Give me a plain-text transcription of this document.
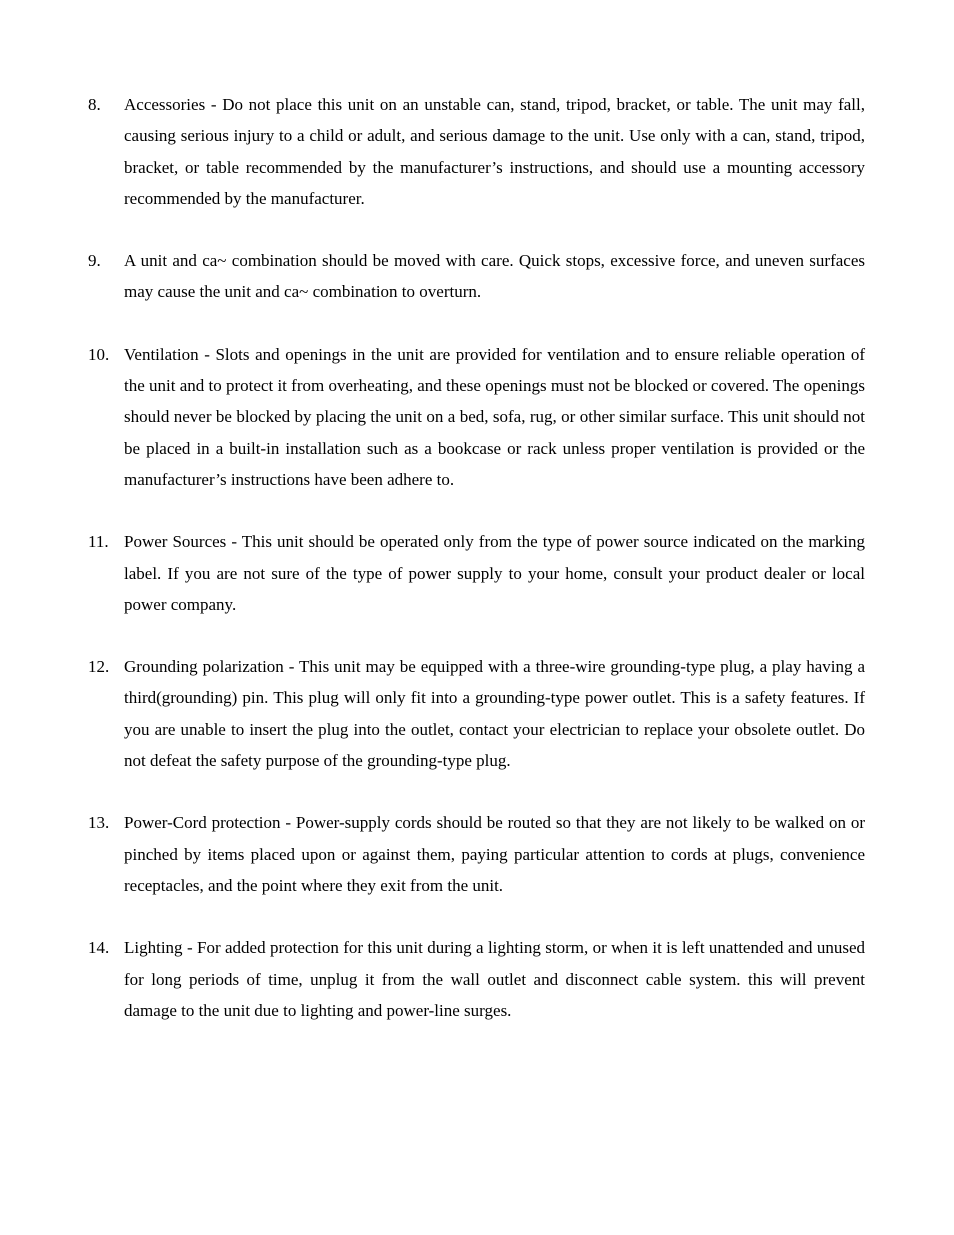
8.	Accessories - Do not place this unit on an unstable can, stand, tripod, bracket, or table. The unit may fall, causing serious injury to a child or adult, and serious damage to the unit. Use only with a can, stand, tripod, bracket, or table recommended by the manufacturer’s instructions, and should use a mounting accessory recommended by the manufacturer.
9.	A unit and ca~ combination should be moved with care. Quick stops, excessive force, and uneven surfaces may cause the unit and ca~ combination to overturn.
10. Ventilation - Slots and openings in the unit are provided for ventilation and to ensure reliable operation of the unit and to protect it from overheating, and these openings must not be blocked or covered. The openings should never be blocked by placing the unit on a bed, sofa, rug, or other similar surface. This unit should not be placed in a built-in installation such as a bookcase or rack unless proper ventilation is provided or the manufacturer’s instructions have been adhere to.
11. Power Sources - This unit should be operated only from the type of power source indicated on the marking label. If you are not sure of the type of power supply to your home, consult your product dealer or local power company.
12. Grounding polarization - This unit may be equipped with a three-wire grounding-type plug, a play having a third(grounding) pin. This plug will only fit into a grounding-type power outlet. This is a safety features. If you are unable to insert the plug into the outlet, contact your electrician to replace your obsolete outlet. Do not defeat the safety purpose of the grounding-type plug.
13. Power-Cord protection - Power-supply cords should be routed so that they are not likely to be walked on or pinched by items placed upon or against them, paying particular attention to cords at plugs, convenience receptacles, and the point where they exit from the unit.
14. Lighting - For added protection for this unit during a lighting storm, or when it is left unattended and unused for long periods of time, unplug it from the wall outlet and disconnect cable system. this will prevent damage to the unit due to lighting and power-line surges.
